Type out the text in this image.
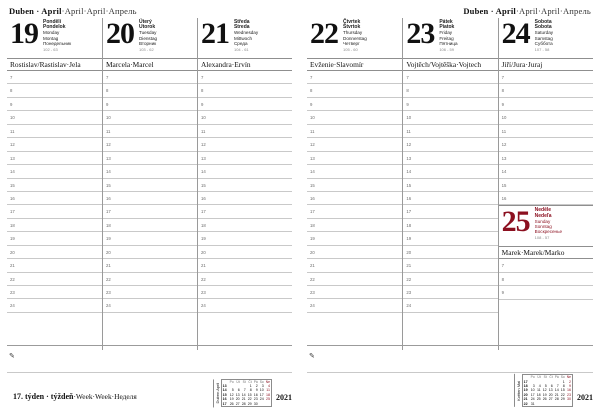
Duben · April ·April·April·Апрель
19 Pondělí
Pondelok
Monday
Montag
Понедельник
102 - 63
Rostislav/Rastislav·Jela
7
8
9
10
11
12
13
14
15
16
17
18
19
20
21
22
23
24
20 Úterý
Utorok
Tuesday
Dienstag
Вторник
103 - 62
Marcela·Marcel
7
8
9
10
11
12
13
14
15
16
17
18
19
20
21
22
23
24
21 Středa
Streda
Wednesday
Mittwoch
Среда
104 - 61
Alexandra·Ervín
7
8
9
10
11
12
13
14
15
16
17
18
19
20
21
22
23
24
✎
17. týden · týždeň·Week·Week·Неделя	Duben April
	Po	Út	St	Čt	Pá	So	Ne
13				1	2	3	4
14	5	6	7	8	9	10	11
15	12	13	14	15	16	17	18
16	19	20	21	22	23	24	25
17	26	27	28	29	30		
2021
Duben · April ·April·April·Апрель
22 Čtvrtek
Štvrtok
Thursday
Donnerstag
Четверг
105 - 60
Evženie·Slavomír
7
8
9
10
11
12
13
14
15
16
17
18
19
20
21
22
23
24
23 Pátek
Piatok
Friday
Freitag
Пятница
106 - 59
Vojtěch/Vojtěška·Vojtech
7
8
9
10
11
12
13
14
15
16
17
18
19
20
21
22
23
24
24 Sobota
Sobota
Saturday
Samstag
Суббота
107 - 58
Jiří/Jura·Juraj
7
8
9
10
11
12
13
14
15
16
25 Neděle
Nedeľa
Sunday
Sonntag
Воскресенье
108 - 57
Marek·Marek/Marko
7
8
9
✎
Květen Mai
	Po	Út	St	Čt	Pá	So	Ne
17						1	2
18	3	4	5	6	7	8	9
19	10	11	12	13	14	15	16
20	17	18	19	20	21	22	23
21	24	25	26	27	28	29	30
22	31						
2021
